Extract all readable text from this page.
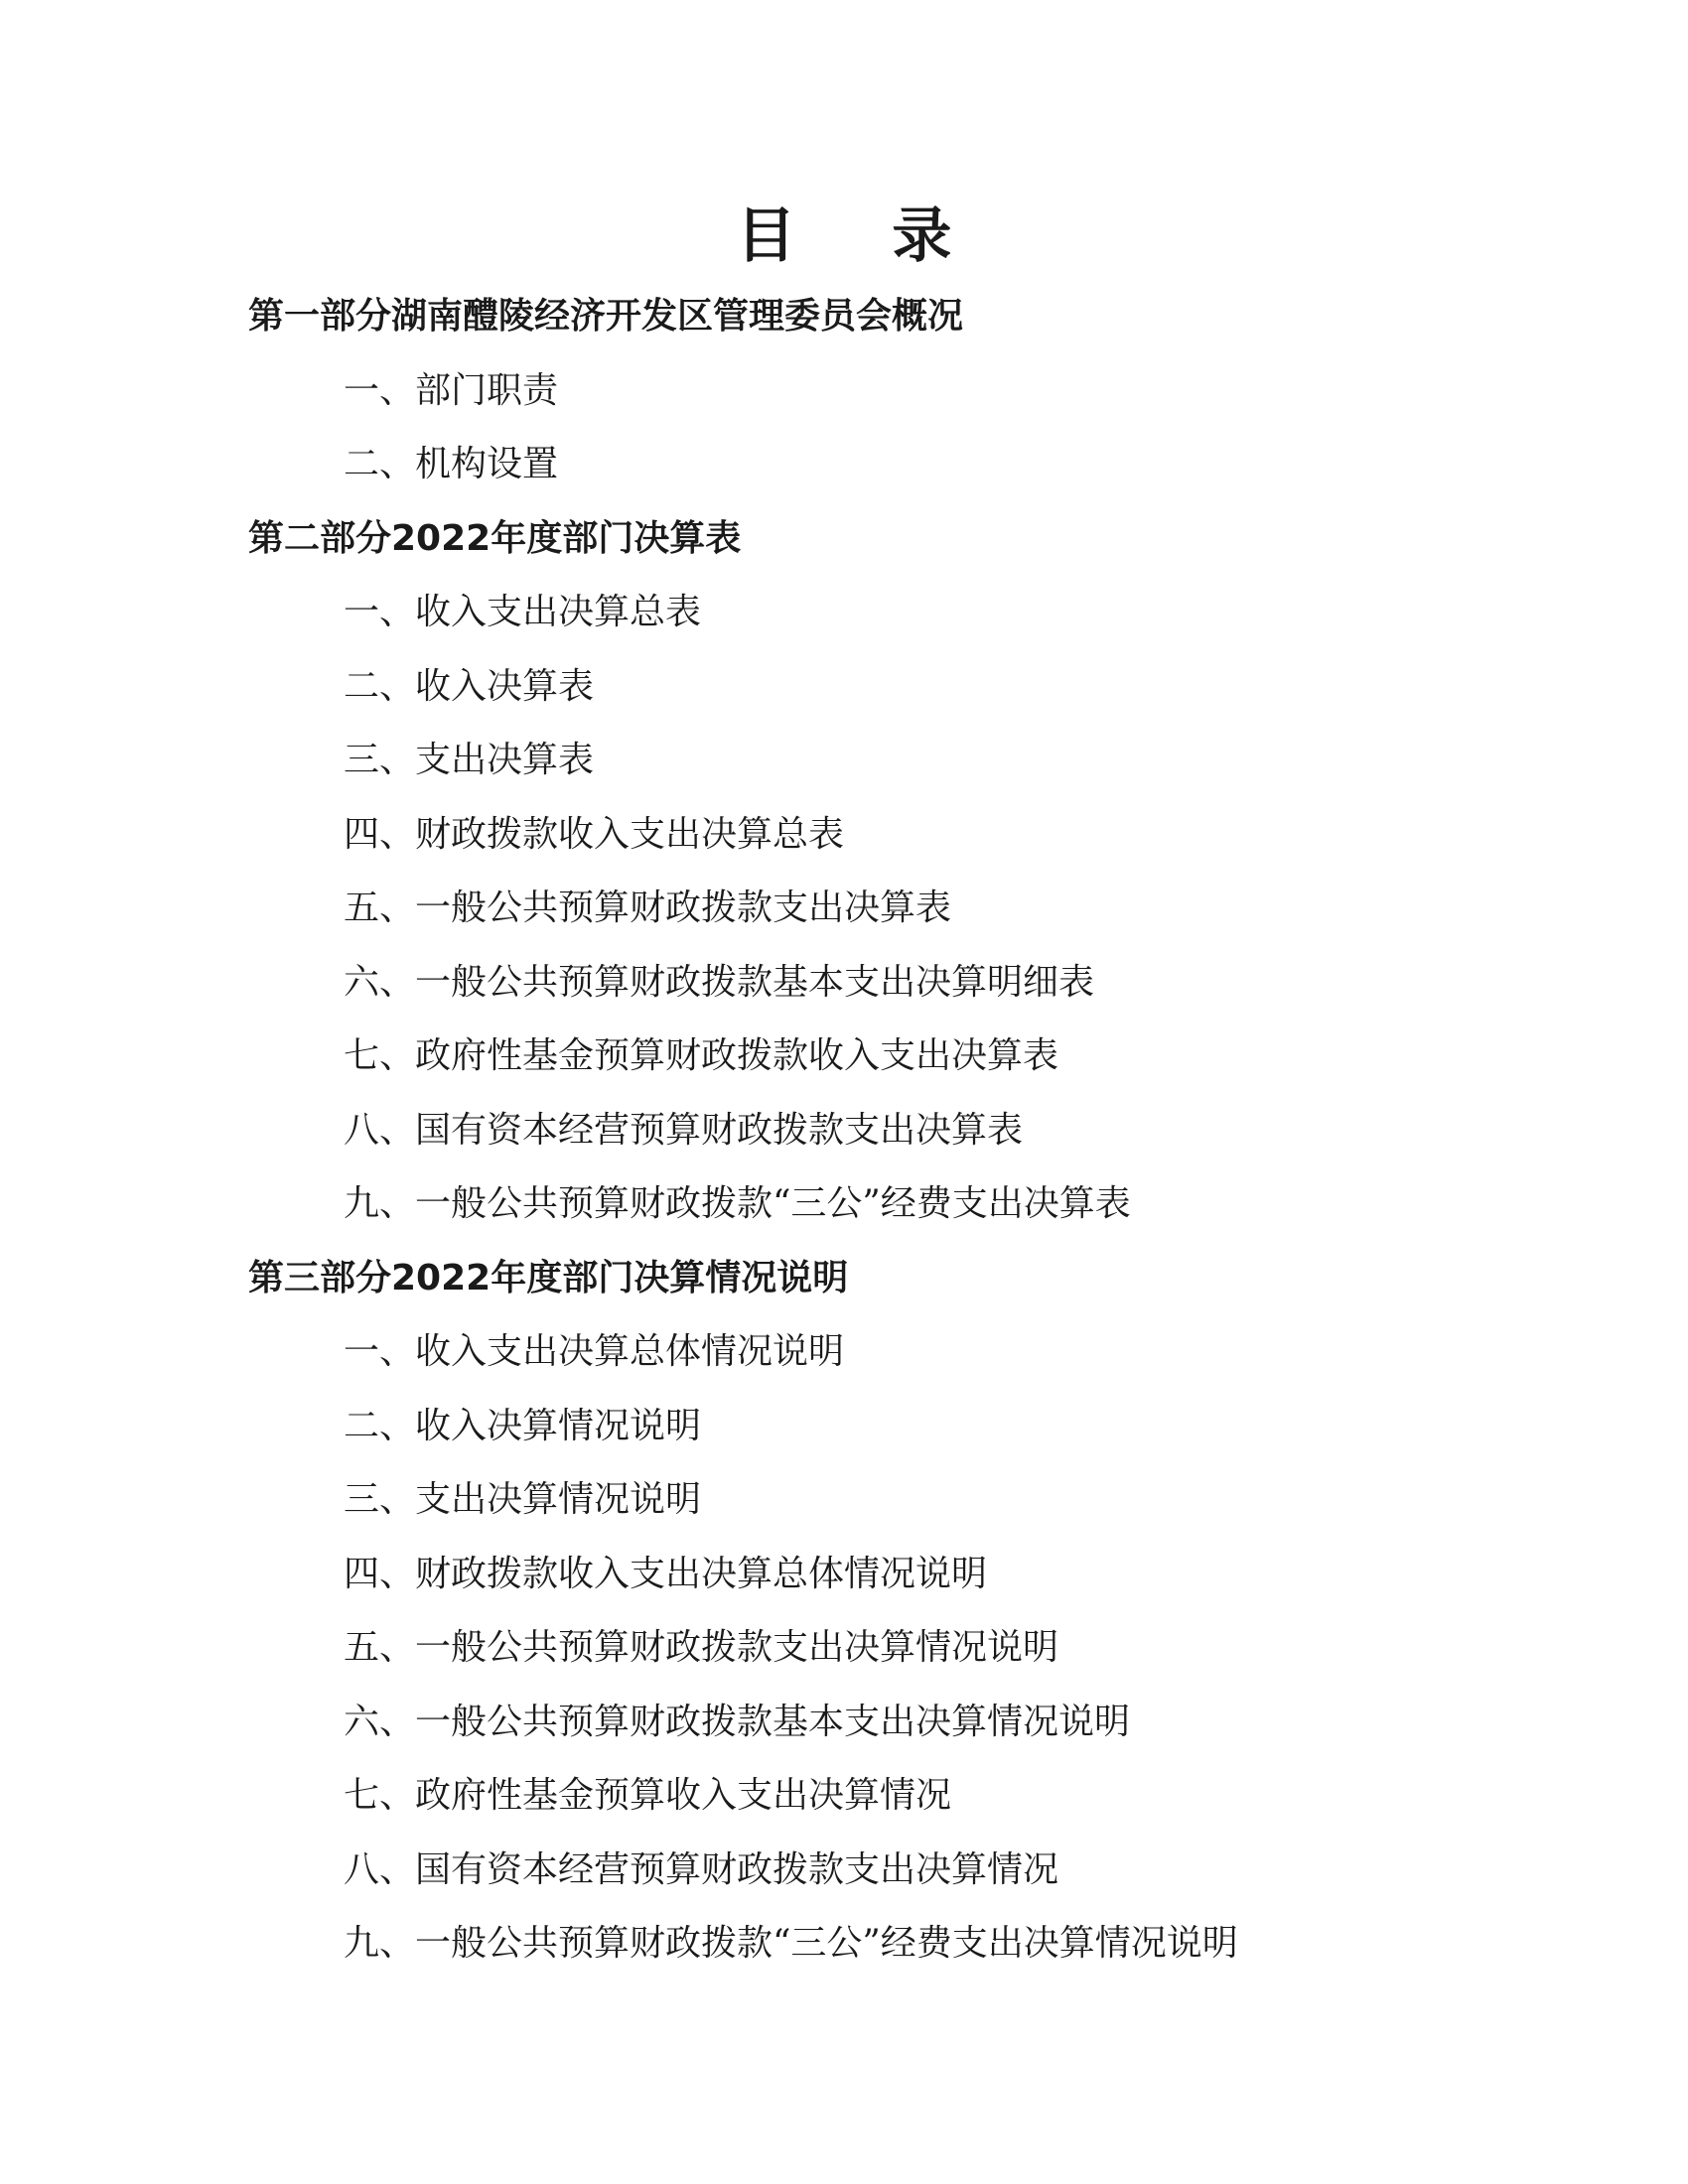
目 录
第一部分湖南醴陵经济开发区管理委员会概况
一、部门职责
二、机构设置
第二部分2022年度部门决算表
一、收入支出决算总表
二、收入决算表
三、支出决算表
四、财政拨款收入支出决算总表
五、一般公共预算财政拨款支出决算表
六、一般公共预算财政拨款基本支出决算明细表
七、政府性基金预算财政拨款收入支出决算表
八、国有资本经营预算财政拨款支出决算表
九、一般公共预算财政拨款“三公”经费支出决算表
第三部分2022年度部门决算情况说明
一、收入支出决算总体情况说明
二、收入决算情况说明
三、支出决算情况说明
四、财政拨款收入支出决算总体情况说明
五、一般公共预算财政拨款支出决算情况说明
六、一般公共预算财政拨款基本支出决算情况说明
七、政府性基金预算收入支出决算情况
八、国有资本经营预算财政拨款支出决算情况
九、一般公共预算财政拨款“三公”经费支出决算情况说明
